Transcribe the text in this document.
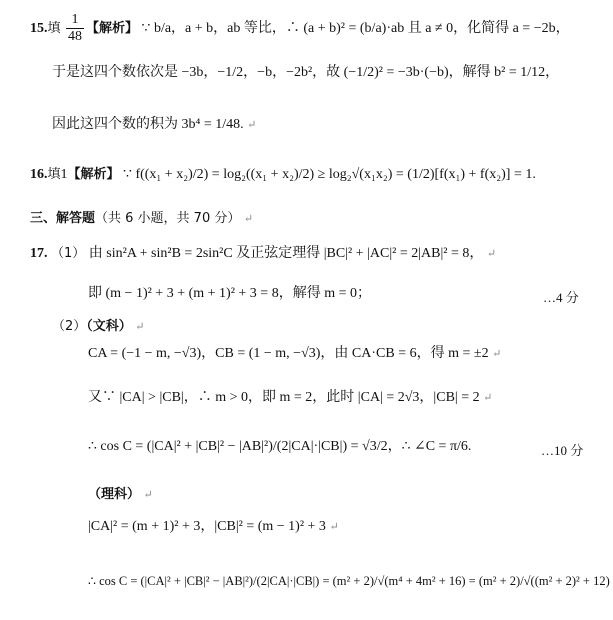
15.填 $\frac{1}{48}$ 【解析】 ∵ b/a，a + b，ab 等比，∴ (a + b)² = (b/a)·ab 且 a ≠ 0，化简得 a = −2b，
于是这四个数依次是 −3b，−1/2，−b，−2b²，故 (−1/2)² = −3b·(−b)，解得 b² = 1/12，
因此这四个数的积为 3b⁴ = 1/48. ↵
16.填1【解析】 ∵ f((x₁ + x₂)/2) = log₂((x₁ + x₂)/2) ≥ log₂√(x₁x₂) = (1/2)[f(x₁) + f(x₂)] = 1.
三、解答题（共 6 小题，共 70 分） ↵
17. （1） 由 sin²A + sin²B = 2sin²C 及正弦定理得 |BC|² + |AC|² = 2|AB|² = 8， ↵
即 (m − 1)² + 3 + (m + 1)² + 3 = 8，解得 m = 0；	…4 分
（2）（文科） ↵
CA = (−1 − m, −√3)，CB = (1 − m, −√3)，由 CA·CB = 6，得 m = ±2 ↵
又∵ |CA| > |CB|，∴ m > 0，即 m = 2，此时 |CA| = 2√3，|CB| = 2 ↵
∴ cos C = (|CA|² + |CB|² − |AB|²)/(2|CA|·|CB|) = √3/2，∴ ∠C = π/6.	…10 分
（理科） ↵
|CA|² = (m + 1)² + 3，|CB|² = (m − 1)² + 3 ↵
∴ cos C = (|CA|² + |CB|² − |AB|²)/(2|CA|·|CB|) = (m² + 2)/√(m⁴ + 4m² + 16) = (m² + 2)/√((m² + 2)² + 12)
